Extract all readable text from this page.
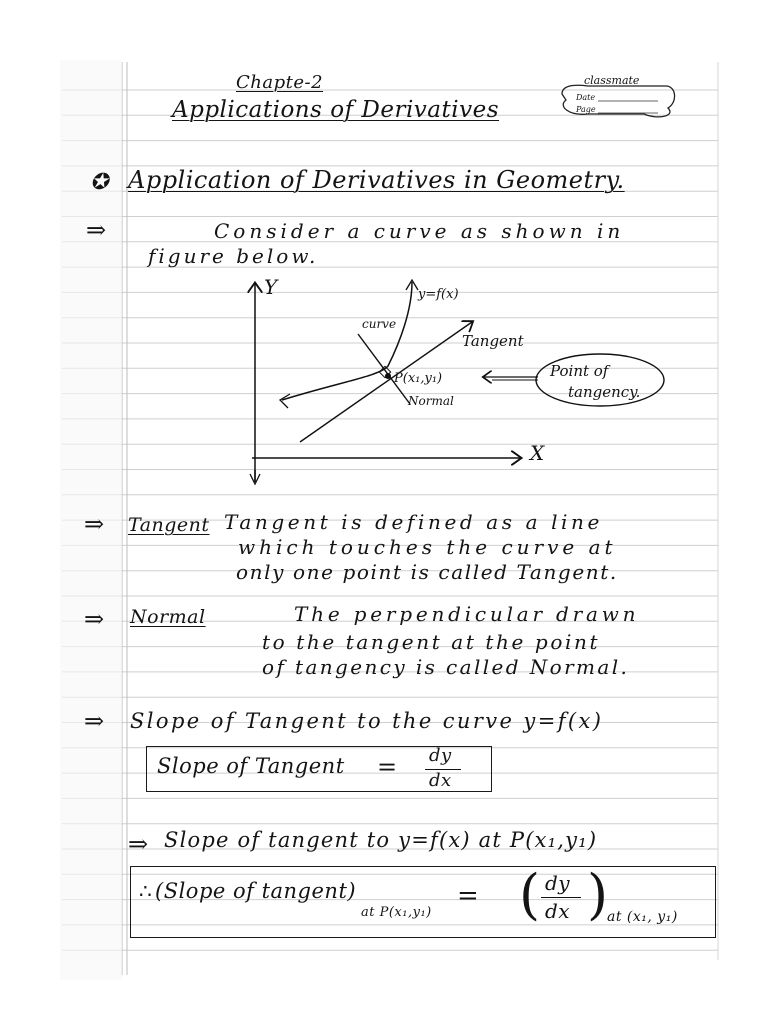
classmate
Date
Page
Chapte-2
Applications of Derivatives
✪ Application of Derivatives in Geometry.
⇒	Consider a curve as shown in
figure below.
Y
X
y=f(x)
Tangent
curve
Normal
P(x₁,y₁)	Point of
tangency.
⇒ Tangent Tangent is defined as a line
which touches the curve at
only one point is called Tangent.
⇒ Normal	The perpendicular drawn
to the tangent at the point
of tangency is called Normal.
⇒ Slope of Tangent to the curve y=f(x)
Slope of Tangent = dy
dx
⇒ Slope of tangent to y=f(x) at P(x₁,y₁)
∴ (Slope of tangent)
at P(x₁,y₁)
= ( dy
dx )
at (x₁, y₁)
